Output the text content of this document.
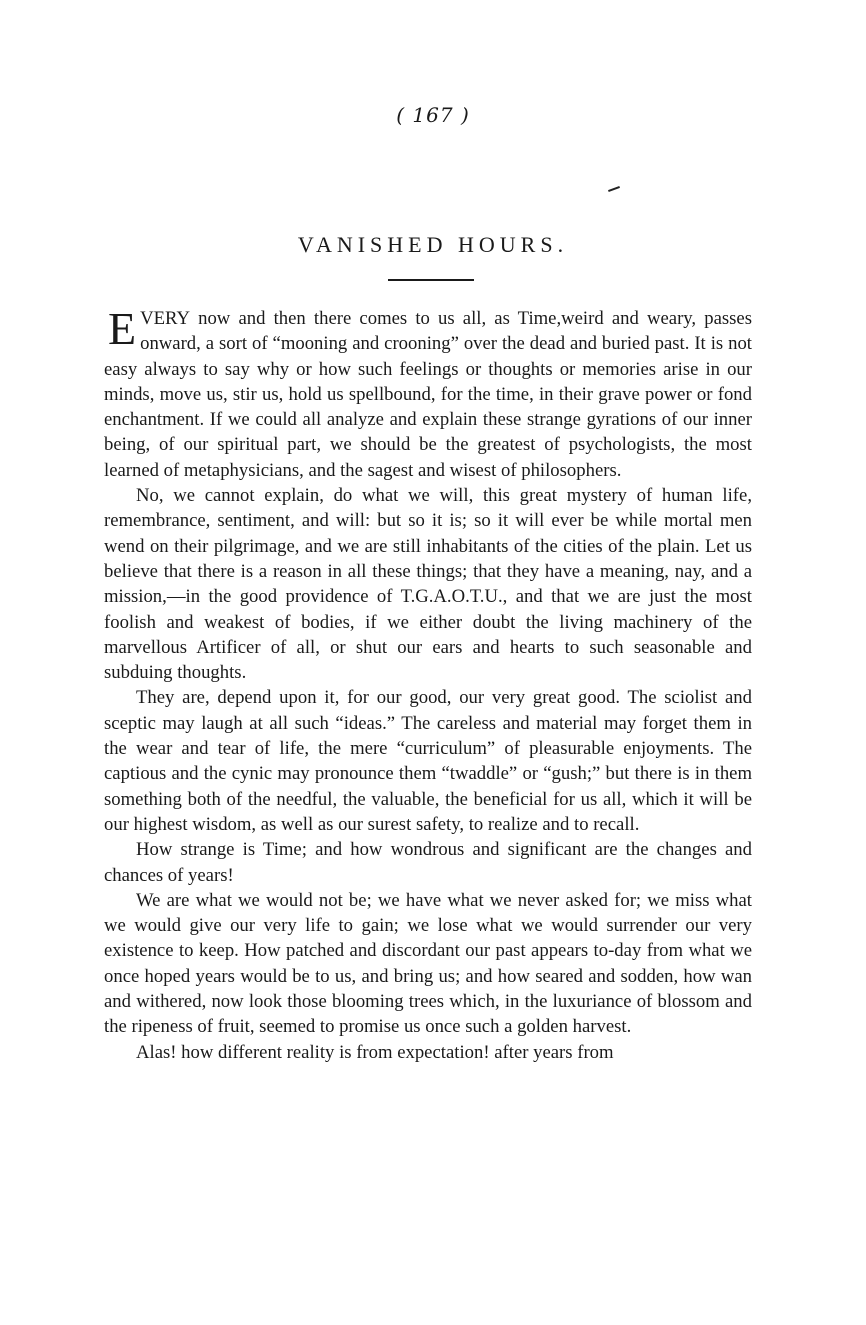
( 167 )
VANISHED HOURS.

EVERY now and then there comes to us all, as Time,weird and weary, passes onward, a sort of “mooning and crooning” over the dead and buried past. It is not easy always to say why or how such feelings or thoughts or memories arise in our minds, move us, stir us, hold us spellbound, for the time, in their grave power or fond enchantment. If we could all analyze and explain these strange gyrations of our inner being, of our spiritual part, we should be the greatest of psychologists, the most learned of metaphysicians, and the sagest and wisest of philosophers.

No, we cannot explain, do what we will, this great mystery of human life, remembrance, sentiment, and will: but so it is; so it will ever be while mortal men wend on their pilgrimage, and we are still inhabitants of the cities of the plain. Let us believe that there is a reason in all these things; that they have a meaning, nay, and a mission,—in the good providence of T.G.A.O.T.U., and that we are just the most foolish and weakest of bodies, if we either doubt the living machinery of the marvellous Artificer of all, or shut our ears and hearts to such seasonable and subduing thoughts.

They are, depend upon it, for our good, our very great good. The sciolist and sceptic may laugh at all such “ideas.” The careless and material may forget them in the wear and tear of life, the mere “curriculum” of pleasurable enjoyments. The captious and the cynic may pronounce them “twaddle” or “gush;” but there is in them something both of the needful, the valuable, the beneficial for us all, which it will be our highest wisdom, as well as our surest safety, to realize and to recall.

How strange is Time; and how wondrous and significant are the changes and chances of years!

We are what we would not be; we have what we never asked for; we miss what we would give our very life to gain; we lose what we would surrender our very existence to keep. How patched and discordant our past appears to-day from what we once hoped years would be to us, and bring us; and how seared and sodden, how wan and withered, now look those blooming trees which, in the luxuriance of blossom and the ripeness of fruit, seemed to promise us once such a golden harvest.

Alas! how different reality is from expectation! after years from
